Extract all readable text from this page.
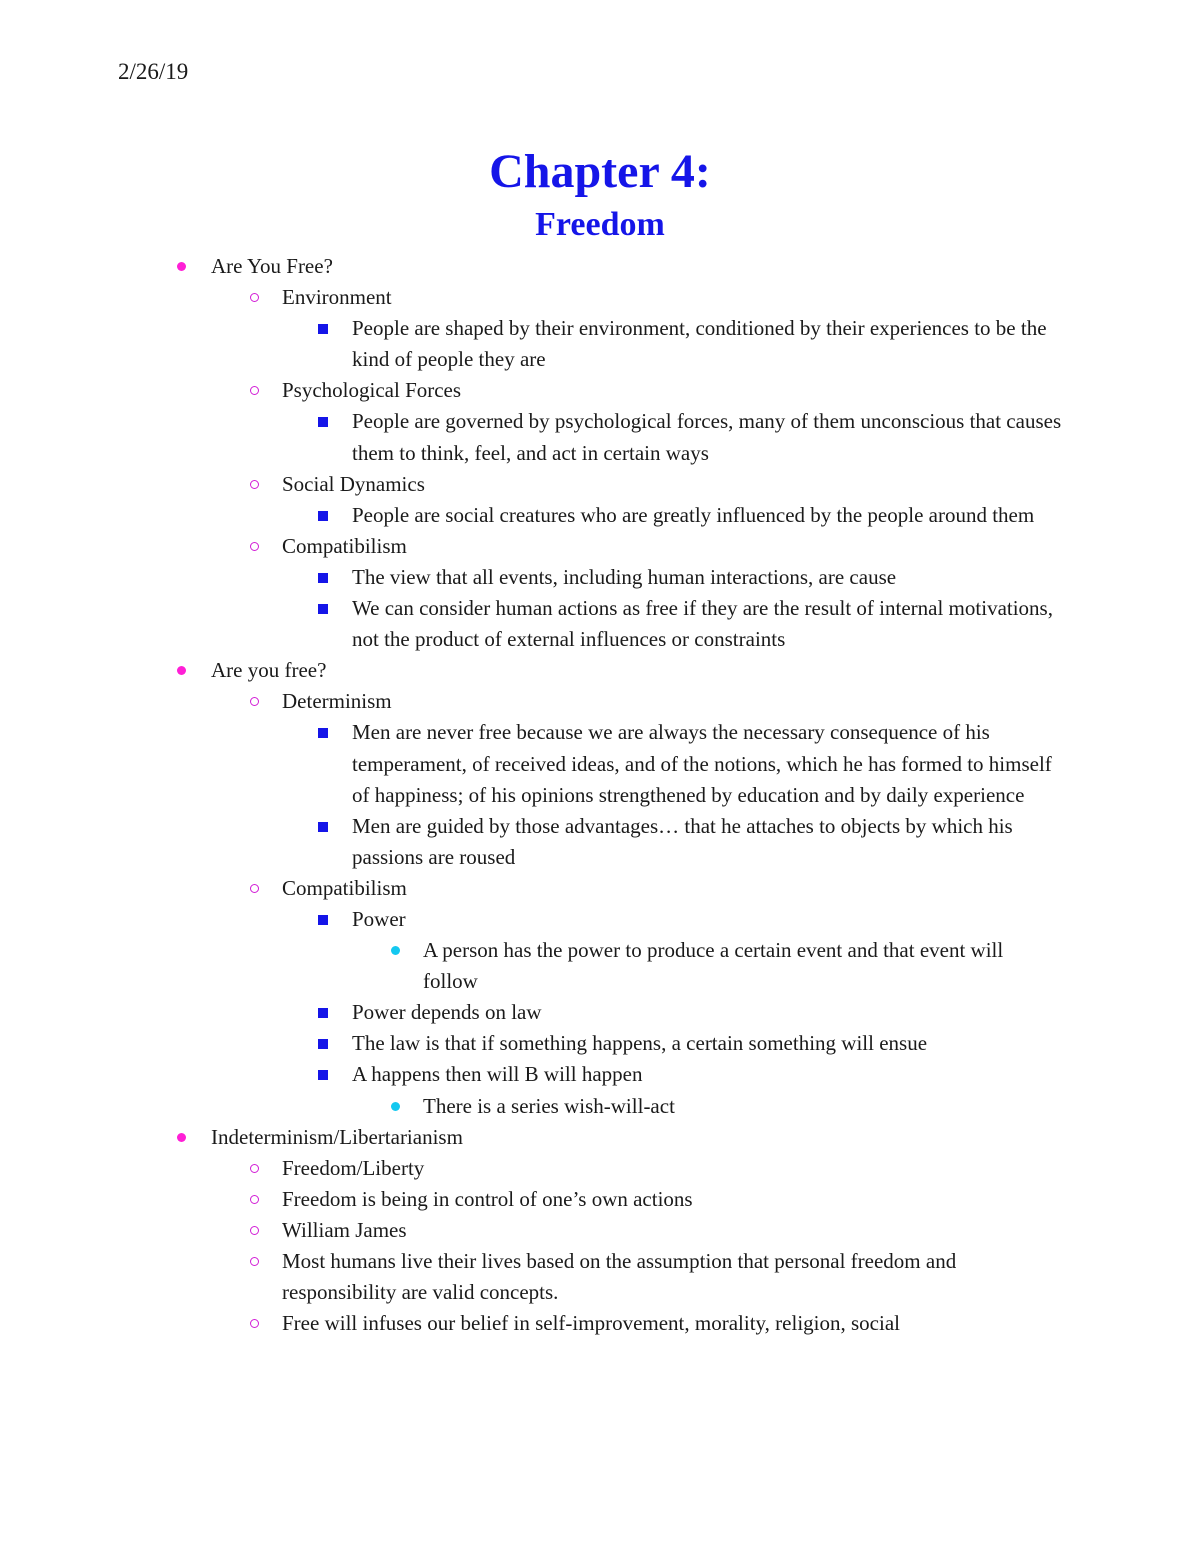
2/26/19
Chapter 4:
Freedom
Are You Free?
Environment
People are shaped by their environment, conditioned by their experiences to be the kind of people they are
Psychological Forces
People are governed by psychological forces, many of them unconscious that causes them to think, feel, and act in certain ways
Social Dynamics
People are social creatures who are greatly influenced by the people around them
Compatibilism
The view that all events, including human interactions, are cause
We can consider human actions as free if they are the result of internal motivations, not the product of external influences or constraints
Are you free?
Determinism
Men are never free because we are always the necessary consequence of his temperament, of received ideas, and of the notions, which he has formed to himself of happiness; of his opinions strengthened by education and by daily experience
Men are guided by those advantages… that he attaches to objects by which his passions are roused
Compatibilism
Power
A person has the power to produce a certain event and that event will follow
Power depends on law
The law is that if something happens, a certain something will ensue
A happens then will B will happen
There is a series wish-will-act
Indeterminism/Libertarianism
Freedom/Liberty
Freedom is being in control of one’s own actions
William James
Most humans live their lives based on the assumption that personal freedom and responsibility are valid concepts.
Free will infuses our belief in self-improvement, morality, religion, social
